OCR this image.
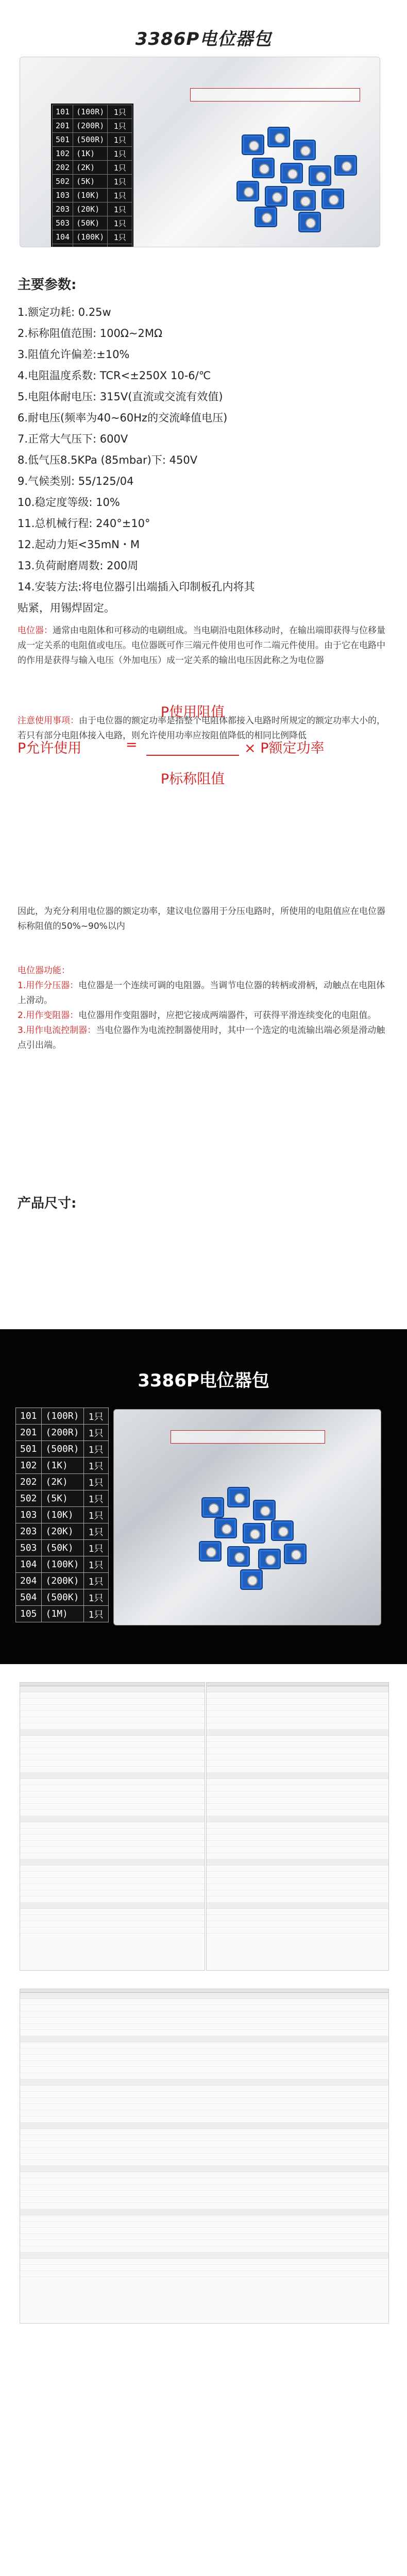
3386P电位器包
101	(100R)	1只
201	(200R)	1只
501	(500R)	1只
102	(1K)	1只
202	(2K)	1只
502	(5K)	1只
103	(10K)	1只
203	(20K)	1只
503	(50K)	1只
104	(100K)	1只

主要参数:
1.额定功耗: 0.25w
2.标称阻值范围: 100Ω~2MΩ
3.阻值允许偏差:±10%
4.电阻温度系数: TCR<±250X 10-6/℃
5.电阻体耐电压: 315V(直流或交流有效值)
6.耐电压(频率为40~60Hz的交流峰值电压)
7.正常大气压下: 600V
8.低气压8.5KPa (85mbar)下: 450V
9.气候类别: 55/125/04
10.稳定度等级: 10%
11.总机械行程: 240°±10°
12.起动力矩<35mN・M
13.负荷耐磨周数: 200周
14.安装方法:将电位器引出端插入印制板孔内将其
贴紧，用锡焊固定。
电位器：通常由电阻体和可移动的电刷组成。当电刷沿电阻体移动时，在输出端即获得与位移量成一定关系的电阻值或电压。电位器既可作三端元件使用也可作二端元件使用。由于它在电路中的作用是获得与输入电压（外加电压）成一定关系的输出电压因此称之为电位器
注意使用事项：由于电位器的额定功率是指整个电阻体都接入电路时所规定的额定功率大小的，若只有部分电阻体接入电路，则允许使用功率应按阻值降低的相同比例降低
P使用阻值
P允许使用	=
P标称阻值
× P额定功率
因此，为充分利用电位器的额定功率，建议电位器用于分压电路时，所使用的电阻值应在电位器标称阻值的50%~90%以内
电位器功能：
1.用作分压器：电位器是一个连续可调的电阻器。当调节电位器的转柄或滑柄，动触点在电阻体上滑动。
2.用作变阻器：电位器用作变阻器时，应把它接成两端器件，可获得平滑连续变化的电阻值。
3.用作电流控制器：当电位器作为电流控制器使用时，其中一个选定的电流输出端必须是滑动触点引出端。
产品尺寸:
3386P电位器包
101	(100R)	1只
201	(200R)	1只
501	(500R)	1只
102	(1K)	1只
202	(2K)	1只
502	(5K)	1只
103	(10K)	1只
203	(20K)	1只
503	(50K)	1只
104	(100K)	1只
204	(200K)	1只
504	(500K)	1只
105	(1M)	1只
